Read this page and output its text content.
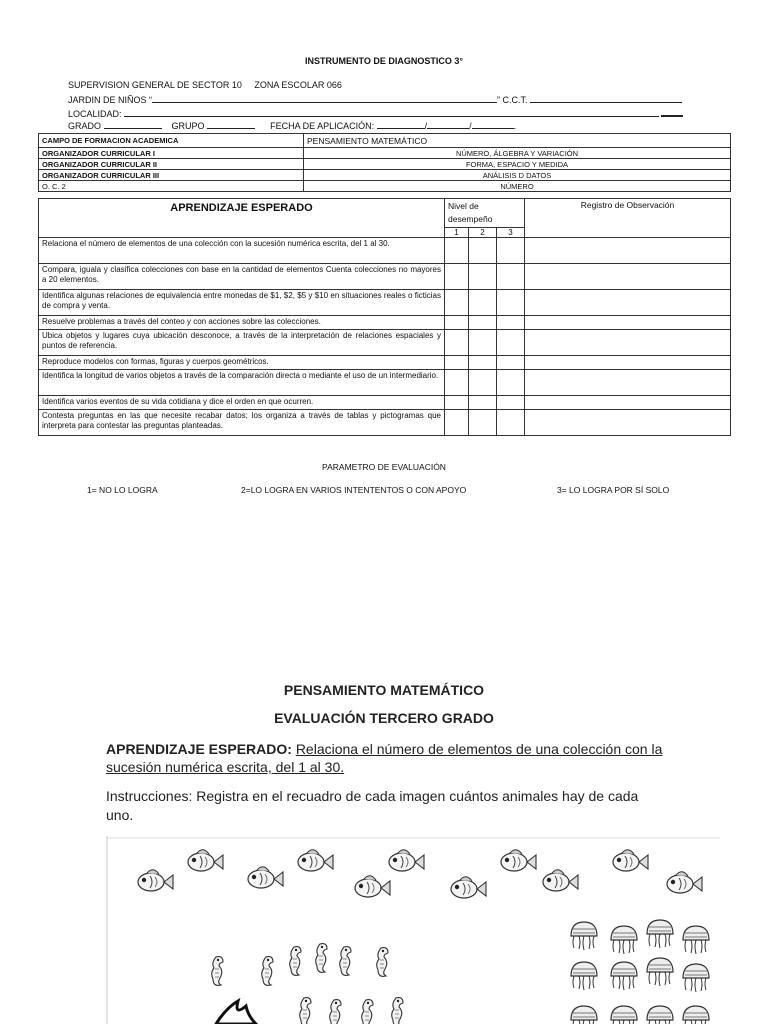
INSTRUMENTO DE DIAGNOSTICO 3°
SUPERVISION GENERAL DE SECTOR 10 ZONA ESCOLAR 066
JARDIN DE NIÑOS “	” C.C.T.
LOCALIDAD:
GRADO	GRUPO	FECHA DE APLICACIÓN:	/	/	.
CAMPO DE FORMACION ACADEMICA	PENSAMIENTO MATEMÁTICO
ORGANIZADOR CURRICULAR I	NÚMERO, ÁLGEBRA Y VARIACIÓN
ORGANIZADOR CURRICULAR II	FORMA, ESPACIO Y MEDIDA
ORGANIZADOR CURRICULAR III	ANÁLISIS D DATOS
O. C. 2	NÚMERO
APRENDIZAJE ESPERADO	Nivel de desempeño			Registro de Observación
	1	2	3	
Relaciona el número de elementos de una colección con la sucesión numérica escrita, del 1 al 30.				
Compara, iguala y clasifica colecciones con base en la cantidad de elementos Cuenta colecciones no mayores a 20 elementos.				
Identifica algunas relaciones de equivalencia entre monedas de $1, $2, $5 y $10 en situaciones reales o ficticias de compra y venta.				
Resuelve problemas a través del conteo y con acciones sobre las colecciones.				
Ubica objetos y lugares cuya ubicación desconoce, a través de la interpretación de relaciones espaciales y puntos de referencia.				
Reproduce modelos con formas, figuras y cuerpos geométricos.				
Identifica la longitud de varios objetos a través de la comparación directa o mediante el uso de un intermediario.				
Identifica varios eventos de su vida cotidiana y dice el orden en que ocurren.				
Contesta preguntas en las que necesite recabar datos; los organiza a través de tablas y pictogramas que interpreta para contestar las preguntas planteadas.				
PARAMETRO DE EVALUACIÓN
1= NO LO LOGRA	2=LO LOGRA EN VARIOS INTENTENTOS O CON APOYO	3= LO LOGRA POR SÍ SOLO
PENSAMIENTO MATEMÁTICO
EVALUACIÓN TERCERO GRADO
APRENDIZAJE ESPERADO: Relaciona el número de elementos de una colección con la sucesión numérica escrita, del 1 al 30.
Instrucciones: Registra en el recuadro de cada imagen cuántos animales hay de cada uno.
